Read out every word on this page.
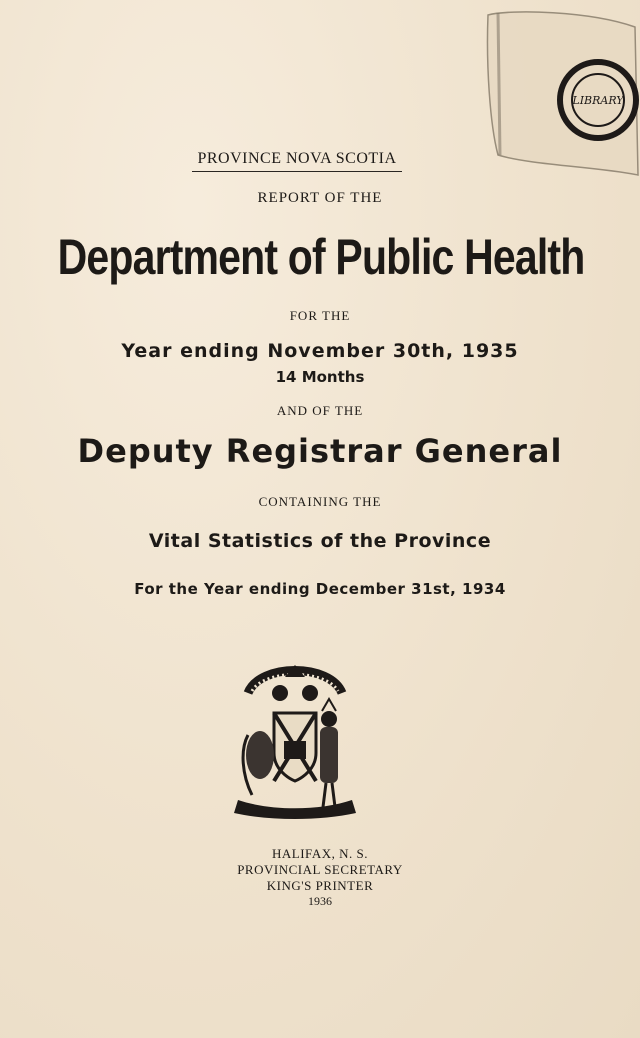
LIBRARY
PROVINCE NOVA SCOTIA
REPORT OF THE
Department of Public Health
FOR THE
Year ending November 30th, 1935
14 Months
AND OF THE
Deputy Registrar General
CONTAINING THE
Vital Statistics of the Province
For the Year ending December 31st, 1934
HALIFAX, N. S.
PROVINCIAL SECRETARY
KING'S PRINTER
1936
